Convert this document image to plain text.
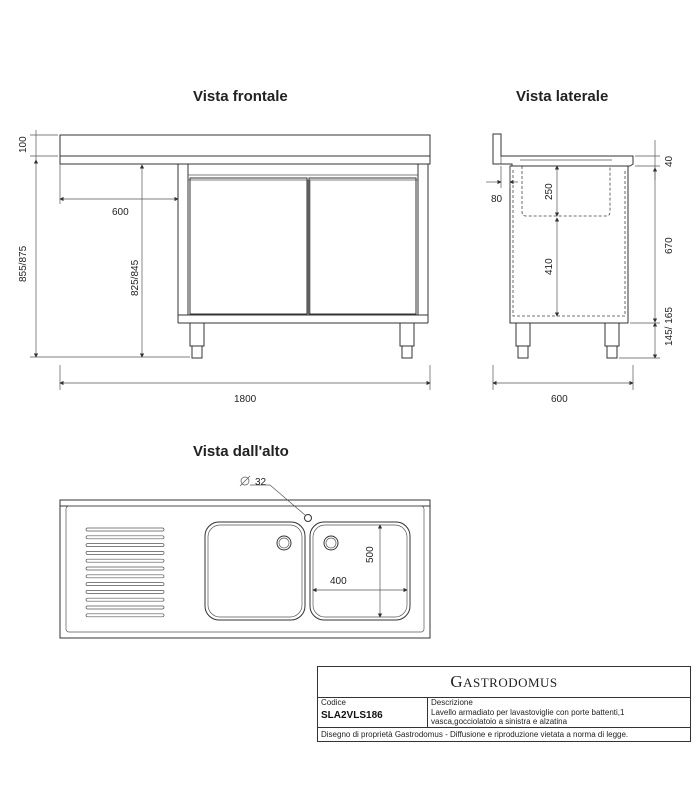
Vista frontale
100
855/875	825/845
600
1800
Vista laterale
40
670
145/ 165
250
410
80
600
Vista dall'alto
32
400
500
GASTRODOMUS
Codice
SLA2VLS186
Descrizione
Lavello armadiato per lavastoviglie con porte battenti,1 vasca,gocciolatoio a sinistra e alzatina
Disegno di proprietà Gastrodomus - Diffusione e riproduzione vietata a norma di legge.
